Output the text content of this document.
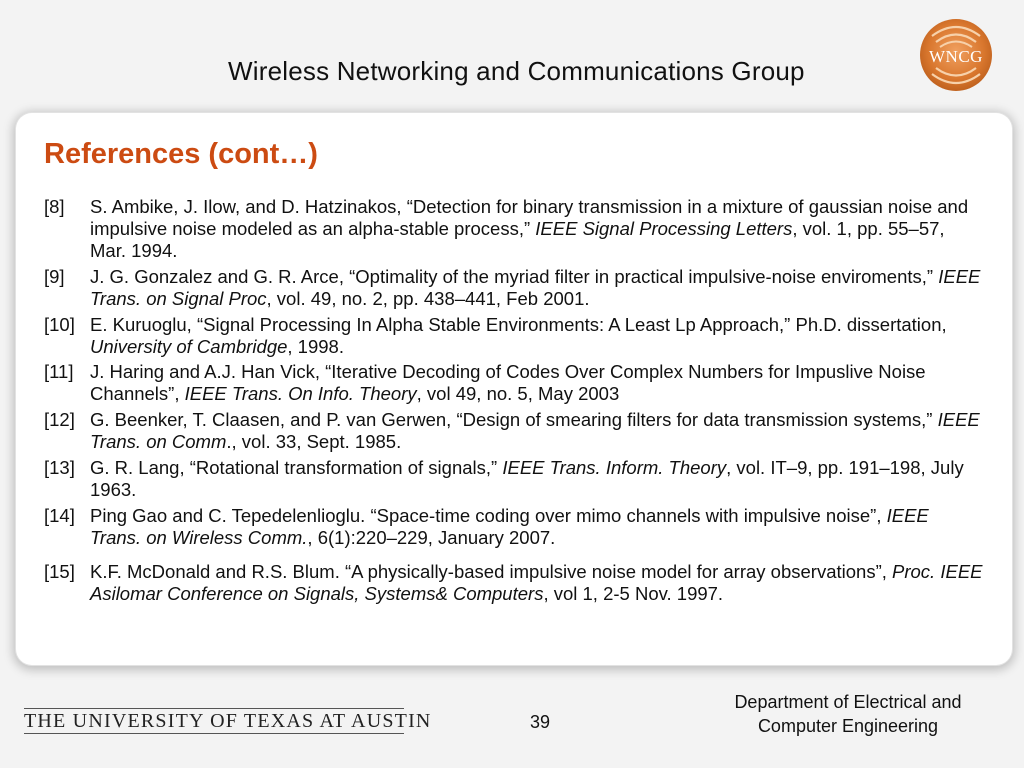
Wireless Networking and Communications Group	WNCG
References (cont…)
[8] S. Ambike, J. Ilow, and D. Hatzinakos, “Detection for binary transmission in a mixture of gaussian noise and impulsive noise modeled as an alpha-stable process,” IEEE Signal Processing Letters, vol. 1, pp. 55–57, Mar. 1994.
[9] J. G. Gonzalez and G. R. Arce, “Optimality of the myriad filter in practical impulsive-noise enviroments,” IEEE Trans. on Signal Proc, vol. 49, no. 2, pp. 438–441, Feb 2001.
[10] E. Kuruoglu, “Signal Processing In Alpha Stable Environments: A Least Lp Approach,” Ph.D. dissertation, University of Cambridge, 1998.
[11] J. Haring and A.J. Han Vick, “Iterative Decoding of Codes Over Complex Numbers for Impuslive Noise Channels”, IEEE Trans. On Info. Theory, vol 49, no. 5, May 2003
[12] G. Beenker, T. Claasen, and P. van Gerwen, “Design of smearing filters for data transmission systems,” IEEE Trans. on Comm., vol. 33, Sept. 1985.
[13] G. R. Lang, “Rotational transformation of signals,” IEEE Trans. Inform. Theory, vol. IT–9, pp. 191–198, July 1963.
[14] Ping Gao and C. Tepedelenlioglu. “Space-time coding over mimo channels with impulsive noise”, IEEE Trans. on Wireless Comm., 6(1):220–229, January 2007.
[15] K.F. McDonald and R.S. Blum. “A physically-based impulsive noise model for array observations”, Proc. IEEE Asilomar Conference on Signals, Systems& Computers, vol 1, 2-5 Nov. 1997.
THE UNIVERSITY OF TEXAS AT AUSTIN	39
Department of Electrical and
Computer Engineering
